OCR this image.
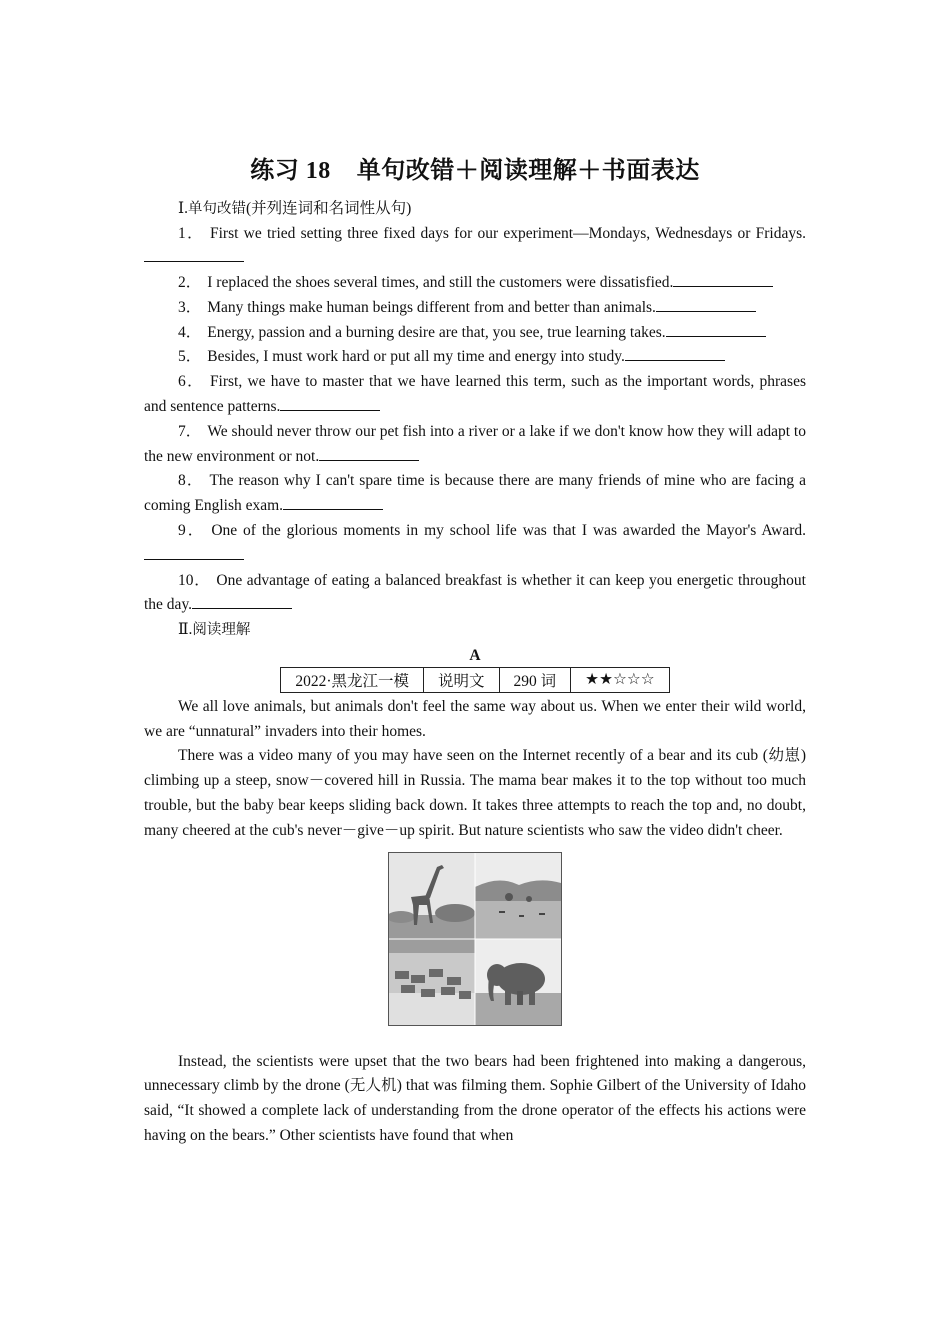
练习 18 单句改错＋阅读理解＋书面表达

Ⅰ.单句改错(并列连词和名词性从句)

1． First we tried setting three fixed days for our experiment—Mondays, Wednesdays or Fridays.

2． I replaced the shoes several times, and still the customers were dissatisfied.

3． Many things make human beings different from and better than animals.

4． Energy, passion and a burning desire are that, you see, true learning takes.

5． Besides, I must work hard or put all my time and energy into study.

6． First, we have to master that we have learned this term, such as the important words, phrases and sentence patterns.

7． We should never throw our pet fish into a river or a lake if we don't know how they will adapt to the new environment or not.

8． The reason why I can't spare time is because there are many friends of mine who are facing a coming English exam.

9． One of the glorious moments in my school life was that I was awarded the Mayor's Award.

10． One advantage of eating a balanced breakfast is whether it can keep you energetic throughout the day.

Ⅱ.阅读理解

A

2022·黑龙江一模	说明文	290 词	★★☆☆☆

We all love animals, but animals don't feel the same way about us. When we enter their wild world, we are “unnatural” invaders into their homes.

There was a video many of you may have seen on the Internet recently of a bear and its cub (幼崽) climbing up a steep, snow－covered hill in Russia. The mama bear makes it to the top without too much trouble, but the baby bear keeps sliding back down. It takes three attempts to reach the top and, no doubt, many cheered at the cub's never－give－up spirit. But nature scientists who saw the video didn't cheer.

Instead, the scientists were upset that the two bears had been frightened into making a dangerous, unnecessary climb by the drone (无人机) that was filming them. Sophie Gilbert of the University of Idaho said, “It showed a complete lack of understanding from the drone operator of the effects his actions were having on the bears.” Other scientists have found that when
